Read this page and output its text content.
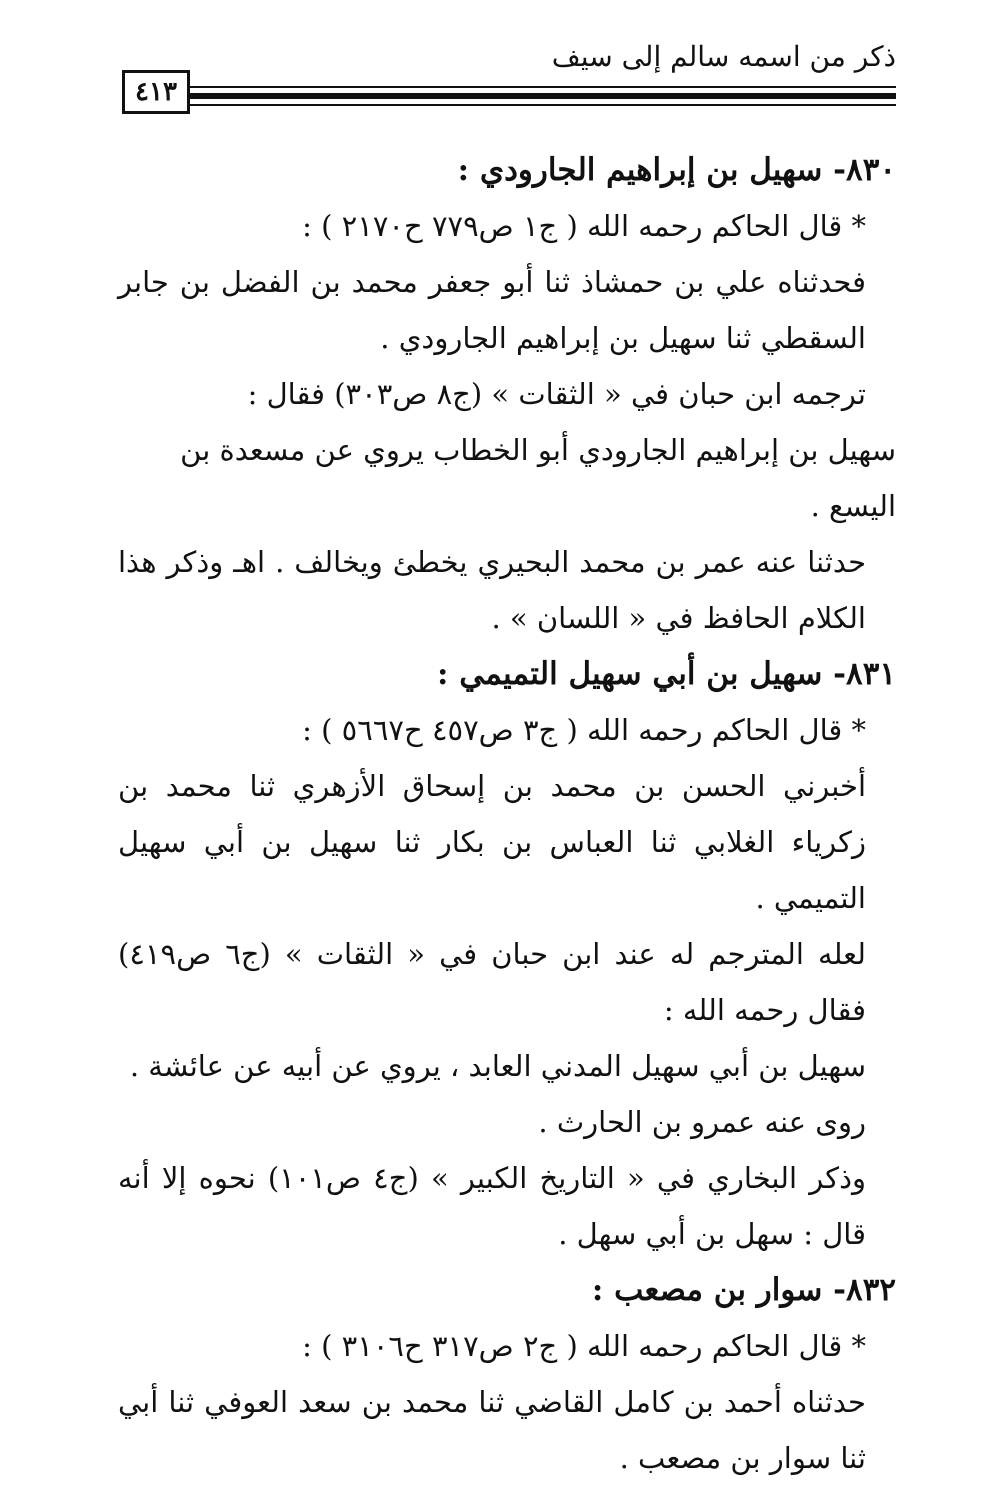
ذكر من اسمه سالم إلى سيف
٤١٣

٨٣٠- سهيل بن إبراهيم الجارودي :

* قال الحاكم رحمه الله ( ج١ ص٧٧٩ ح٢١٧٠ ) :

فحدثناه علي بن حمشاذ ثنا أبو جعفر محمد بن الفضل بن جابر السقطي ثنا سهيل بن إبراهيم الجارودي .

ترجمه ابن حبان في « الثقات » (ج٨ ص٣٠٣) فقال :

سهيل بن إبراهيم الجارودي أبو الخطاب يروي عن مسعدة بن اليسع .

حدثنا عنه عمر بن محمد البحيري يخطئ ويخالف . اهـ وذكر هذا الكلام الحافظ في « اللسان » .

٨٣١- سهيل بن أبي سهيل التميمي :

* قال الحاكم رحمه الله ( ج٣ ص٤٥٧ ح٥٦٦٧ ) :

أخبرني الحسن بن محمد بن إسحاق الأزهري ثنا محمد بن زكرياء الغلابي ثنا العباس بن بكار ثنا سهيل بن أبي سهيل التميمي .

لعله المترجم له عند ابن حبان في « الثقات » (ج٦ ص٤١٩) فقال رحمه الله :

سهيل بن أبي سهيل المدني العابد ، يروي عن أبيه عن عائشة .

روى عنه عمرو بن الحارث .

وذكر البخاري في « التاريخ الكبير » (ج٤ ص١٠١) نحوه إلا أنه قال : سهل بن أبي سهل .

٨٣٢- سوار بن مصعب :

* قال الحاكم رحمه الله ( ج٢ ص٣١٧ ح٣١٠٦ ) :

حدثناه أحمد بن كامل القاضي ثنا محمد بن سعد العوفي ثنا أبي ثنا سوار بن مصعب .
